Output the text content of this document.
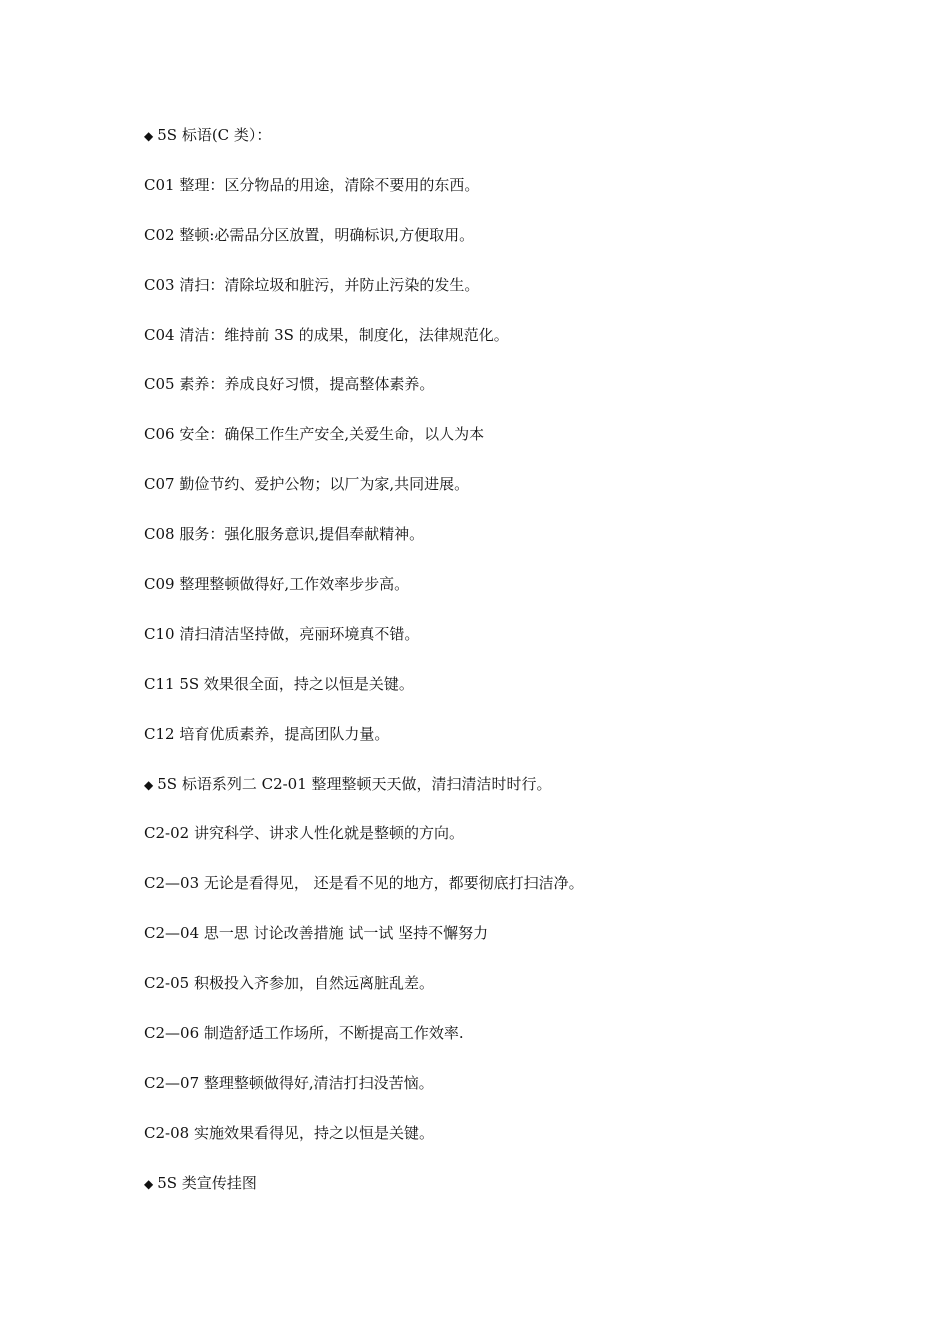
◆ 5S 标语(C 类）：
C01 整理：区分物品的用途，清除不要用的东西。
C02 整顿:必需品分区放置，明确标识,方便取用。
C03 清扫：清除垃圾和脏污，并防止污染的发生。
C04 清洁：维持前 3S 的成果，制度化，法律规范化。
C05 素养：养成良好习惯，提高整体素养。
C06 安全：确保工作生产安全,关爱生命，以人为本
C07 勤俭节约、爱护公物；以厂为家,共同进展。
C08 服务：强化服务意识,提倡奉献精神。
C09 整理整顿做得好,工作效率步步高。
C10 清扫清洁坚持做，亮丽环境真不错。
C11 5S 效果很全面，持之以恒是关键。
C12 培育优质素养，提高团队力量。
◆ 5S 标语系列二 C2-01 整理整顿天天做，清扫清洁时时行。
C2-02 讲究科学、讲求人性化就是整顿的方向。
C2—03 无论是看得见， 还是看不见的地方，都要彻底打扫洁净。
C2—04 思一思 讨论改善措施 试一试 坚持不懈努力
C2-05 积极投入齐参加，自然远离脏乱差。
C2—06 制造舒适工作场所，不断提高工作效率.
C2—07 整理整顿做得好,清洁打扫没苦恼。
C2-08 实施效果看得见，持之以恒是关键。
◆ 5S 类宣传挂图
